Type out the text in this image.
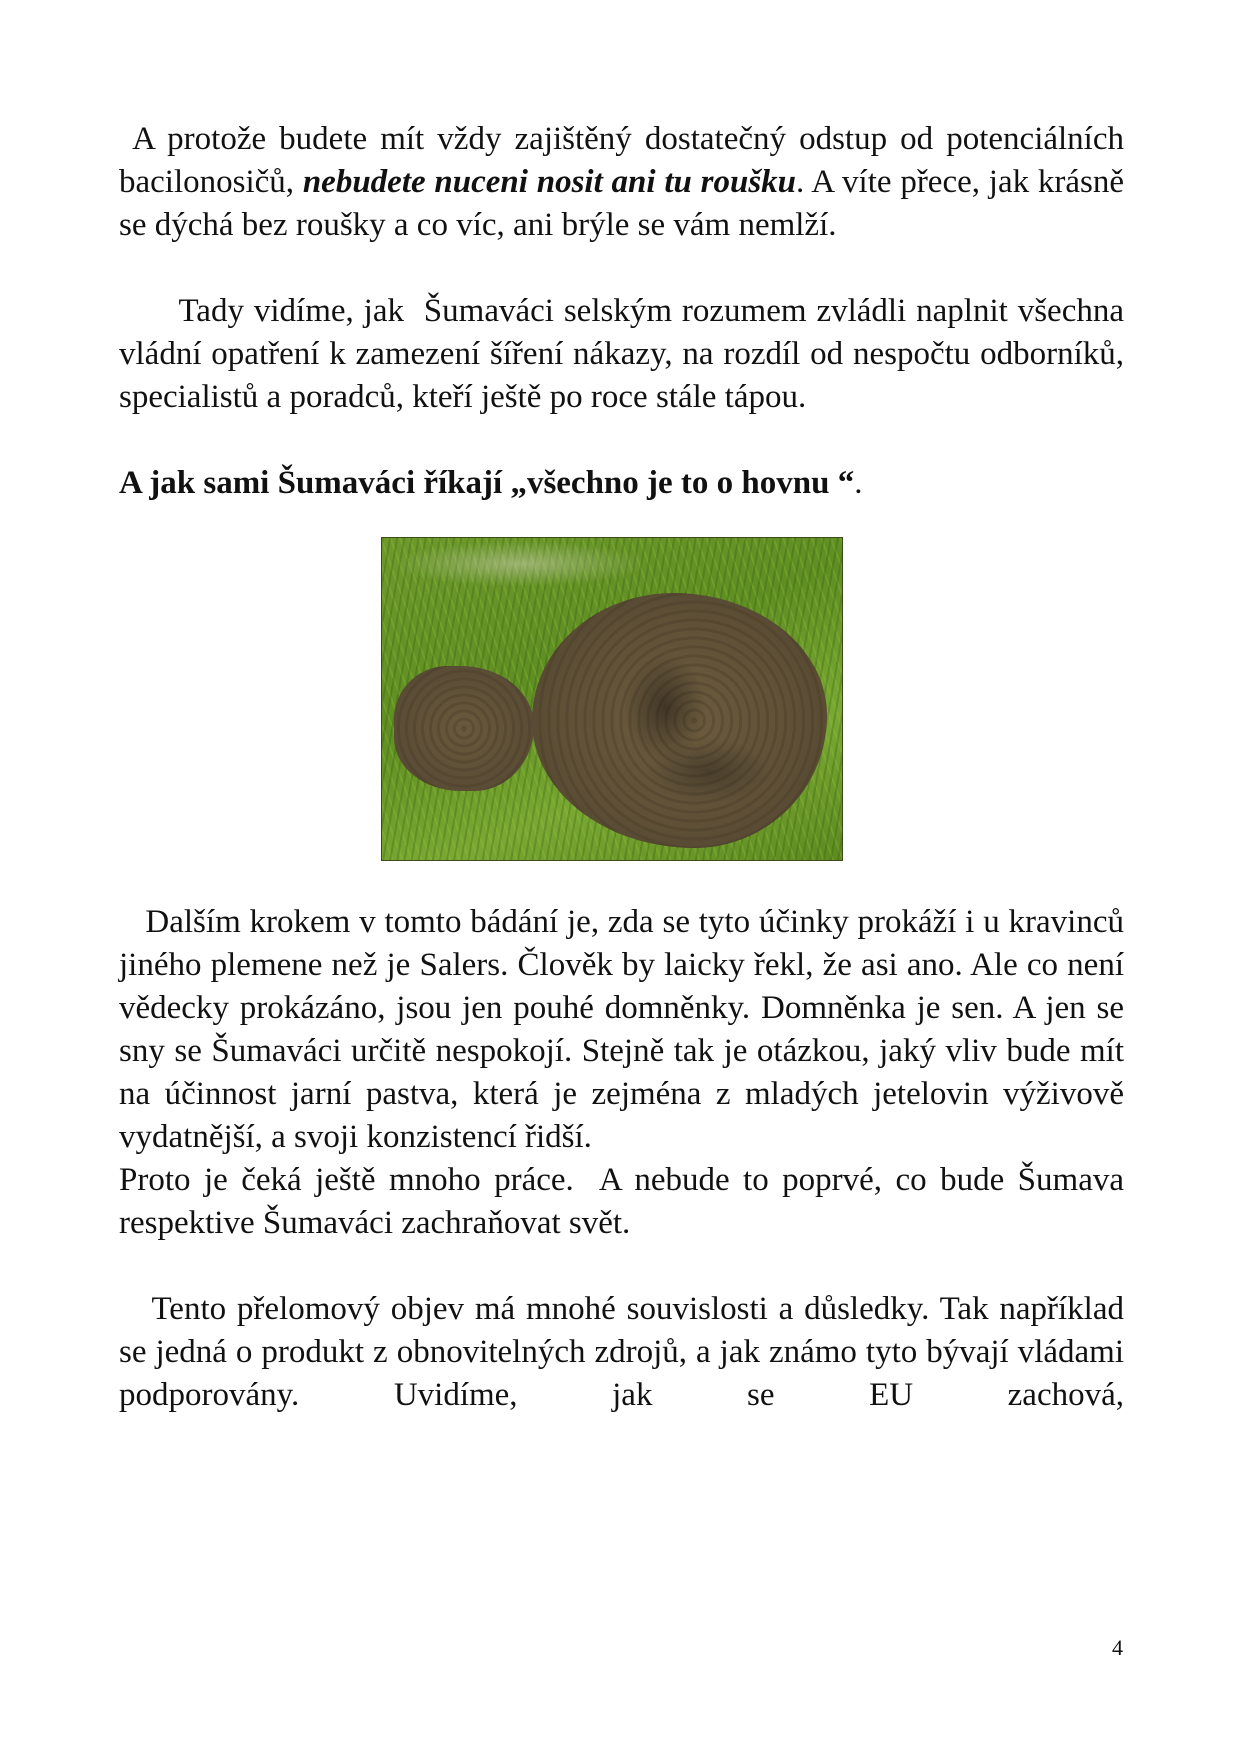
A protože budete mít vždy zajištěný dostatečný odstup od potenciálních bacilonosičů, nebudete nuceni nosit ani tu roušku. A víte přece, jak krásně se dýchá bez roušky a co víc, ani brýle se vám nemlží.

Tady vidíme, jak  Šumaváci selským rozumem zvládli naplnit všechna vládní opatření k zamezení šíření nákazy, na rozdíl od nespočtu odborníků, specialistů a poradců, kteří ještě po roce stále tápou.

A jak sami Šumaváci říkají „všechno je to o hovnu “.

Dalším krokem v tomto bádání je, zda se tyto účinky prokáží i u kravinců jiného plemene než je Salers. Člověk by laicky řekl, že asi ano. Ale co není vědecky prokázáno, jsou jen pouhé domněnky. Domněnka je sen. A jen se sny se Šumaváci určitě nespokojí. Stejně tak je otázkou, jaký vliv bude mít na účinnost jarní pastva, která je zejména z mladých jetelovin výživově vydatnější, a svoji konzistencí řidší.

Proto je čeká ještě mnoho práce.  A nebude to poprvé, co bude Šumava respektive Šumaváci zachraňovat svět.

Tento přelomový objev má mnohé souvislosti a důsledky. Tak například se jedná o produkt z obnovitelných zdrojů, a jak známo tyto bývají vládami podporovány. Uvidíme, jak se EU zachová,

4
